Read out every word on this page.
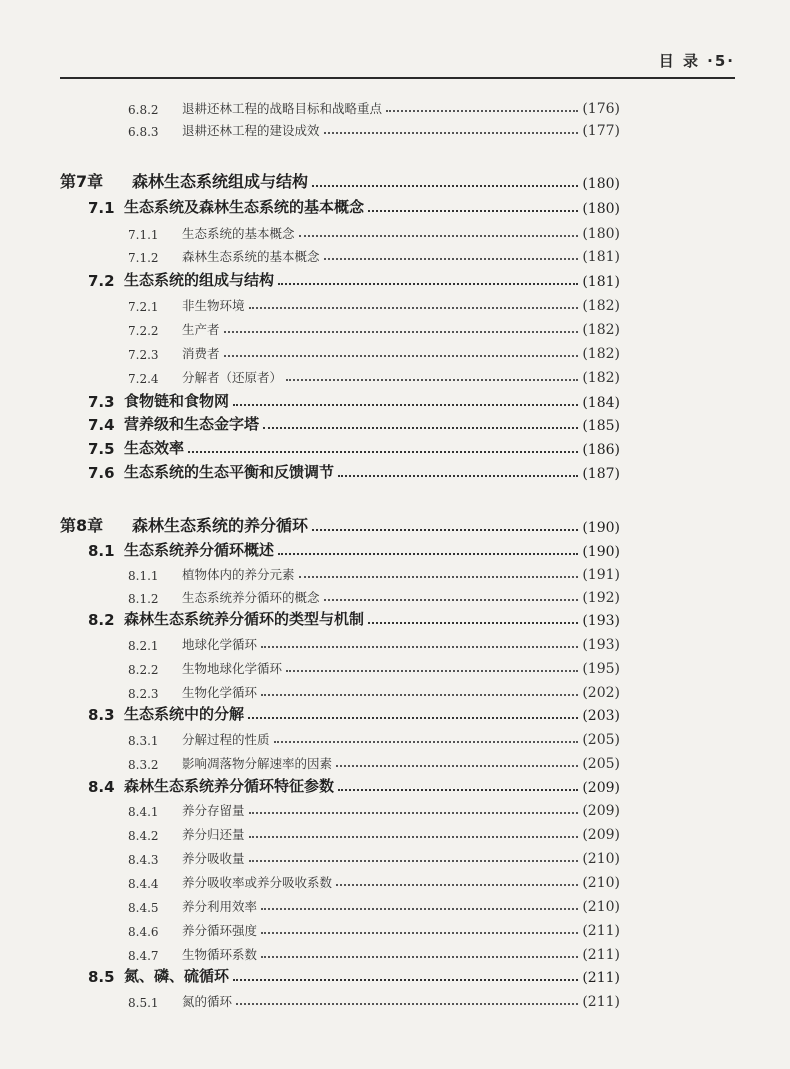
目 录 ·5·
6.8.2	退耕还林工程的战略目标和战略重点	(176)
6.8.3	退耕还林工程的建设成效	(177)
第7章	森林生态系统组成与结构	(180)
7.1 生态系统及森林生态系统的基本概念	(180)
7.1.1	生态系统的基本概念	(180)
7.1.2	森林生态系统的基本概念	(181)
7.2 生态系统的组成与结构	(181)
7.2.1	非生物环境	(182)
7.2.2	生产者	(182)
7.2.3	消费者	(182)
7.2.4	分解者（还原者）	(182)
7.3 食物链和食物网	(184)
7.4 营养级和生态金字塔	(185)
7.5 生态效率	(186)
7.6 生态系统的生态平衡和反馈调节	(187)
第8章	森林生态系统的养分循环	(190)
8.1 生态系统养分循环概述	(190)
8.1.1	植物体内的养分元素	(191)
8.1.2	生态系统养分循环的概念	(192)
8.2 森林生态系统养分循环的类型与机制	(193)
8.2.1	地球化学循环	(193)
8.2.2	生物地球化学循环	(195)
8.2.3	生物化学循环	(202)
8.3 生态系统中的分解	(203)
8.3.1	分解过程的性质	(205)
8.3.2	影响凋落物分解速率的因素	(205)
8.4 森林生态系统养分循环特征参数	(209)
8.4.1	养分存留量	(209)
8.4.2	养分归还量	(209)
8.4.3	养分吸收量	(210)
8.4.4	养分吸收率或养分吸收系数	(210)
8.4.5	养分利用效率	(210)
8.4.6	养分循环强度	(211)
8.4.7	生物循环系数	(211)
8.5 氮、磷、硫循环	(211)
8.5.1	氮的循环	(211)
